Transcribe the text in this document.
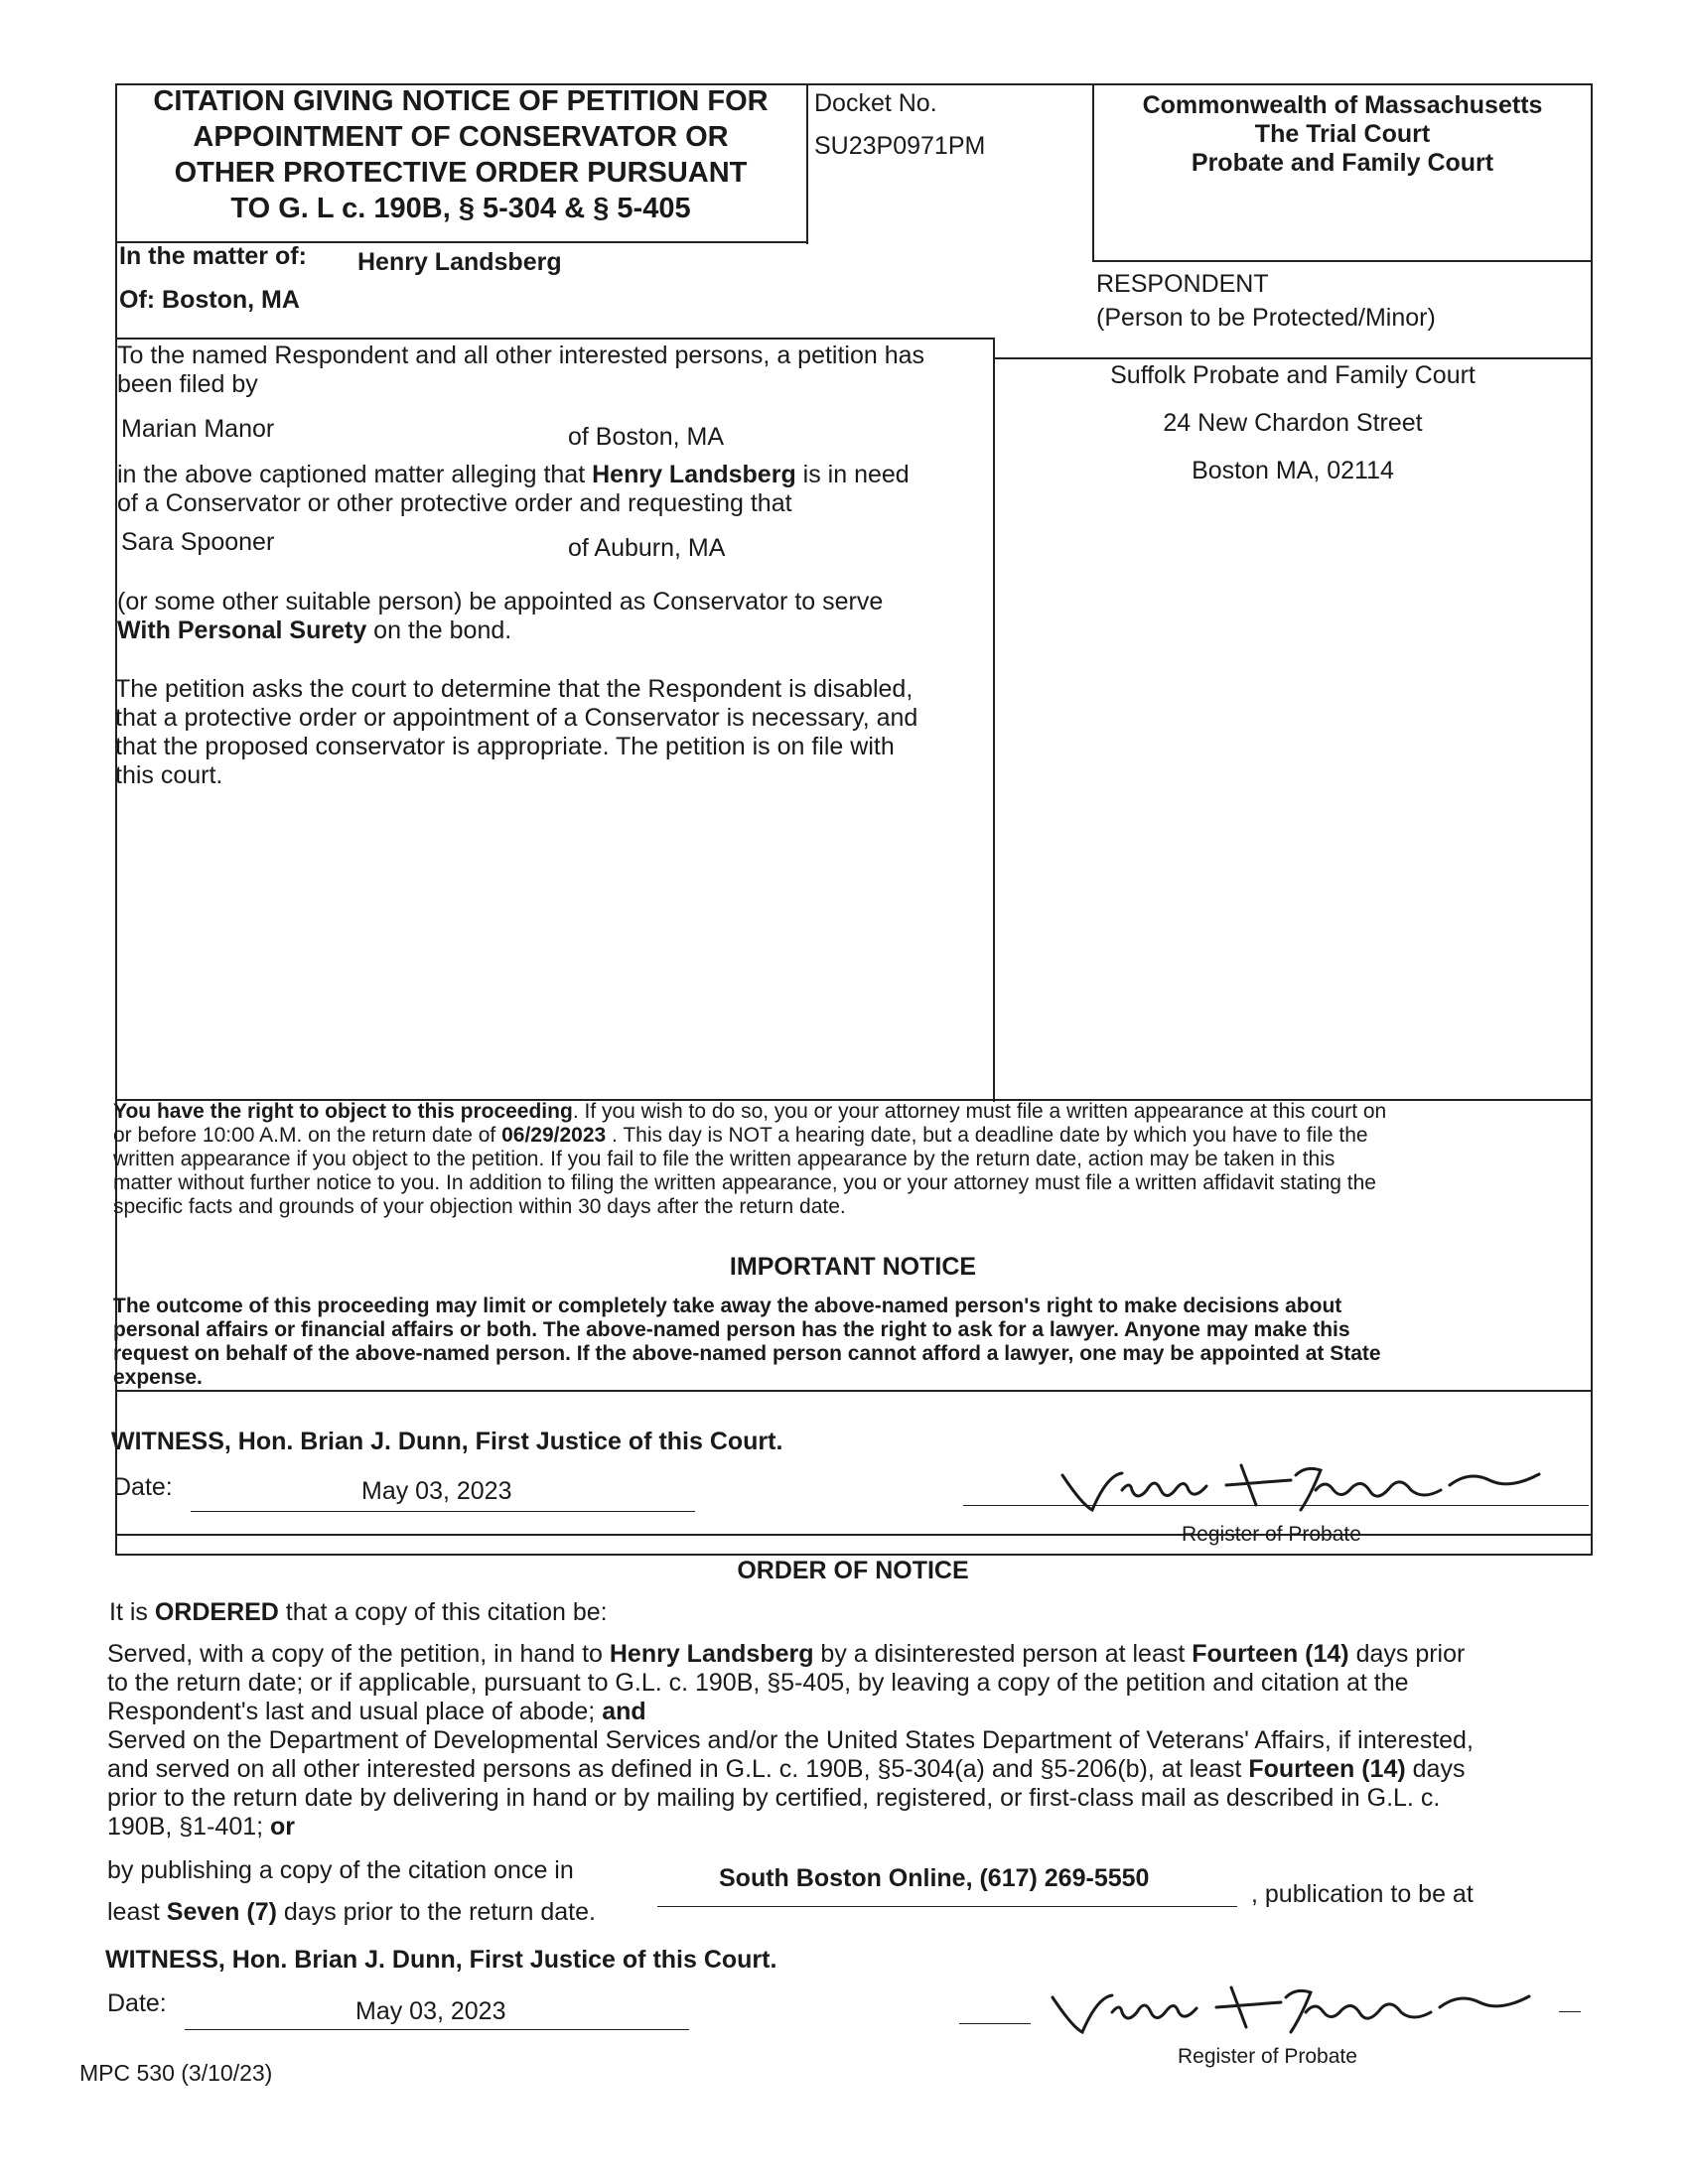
CITATION GIVING NOTICE OF PETITION FOR
APPOINTMENT OF CONSERVATOR OR
OTHER PROTECTIVE ORDER PURSUANT
TO G. L c. 190B, § 5-304 & § 5-405
Docket No.
SU23P0971PM
Commonwealth of Massachusetts
The Trial Court
Probate and Family Court
In the matter of: Henry Landsberg
Of: Boston, MA
RESPONDENT
(Person to be Protected/Minor)
To the named Respondent and all other interested persons, a petition has
been filed by
Marian Manor	of Boston, MA
in the above captioned matter alleging that Henry Landsberg is in need
of a Conservator or other protective order and requesting that
Sara Spooner	of Auburn, MA
(or some other suitable person) be appointed as Conservator to serve
With Personal Surety on the bond.
The petition asks the court to determine that the Respondent is disabled,
that a protective order or appointment of a Conservator is necessary, and
that the proposed conservator is appropriate. The petition is on file with
this court.
Suffolk Probate and Family Court
24 New Chardon Street
Boston MA, 02114
You have the right to object to this proceeding. If you wish to do so, you or your attorney must file a written appearance at this court on
or before 10:00 A.M. on the return date of 06/29/2023 . This day is NOT a hearing date, but a deadline date by which you have to file the
written appearance if you object to the petition. If you fail to file the written appearance by the return date, action may be taken in this
matter without further notice to you. In addition to filing the written appearance, you or your attorney must file a written affidavit stating the
specific facts and grounds of your objection within 30 days after the return date.
IMPORTANT NOTICE
The outcome of this proceeding may limit or completely take away the above-named person's right to make decisions about
personal affairs or financial affairs or both. The above-named person has the right to ask for a lawyer. Anyone may make this
request on behalf of the above-named person. If the above-named person cannot afford a lawyer, one may be appointed at State
expense.
WITNESS, Hon. Brian J. Dunn, First Justice of this Court.
Date:	May 03, 2023
Register of Probate
ORDER OF NOTICE
It is ORDERED that a copy of this citation be:
Served, with a copy of the petition, in hand to Henry Landsberg by a disinterested person at least Fourteen (14) days prior
to the return date; or if applicable, pursuant to G.L. c. 190B, §5-405, by leaving a copy of the petition and citation at the
Respondent's last and usual place of abode; and
Served on the Department of Developmental Services and/or the United States Department of Veterans' Affairs, if interested,
and served on all other interested persons as defined in G.L. c. 190B, §5-304(a) and §5-206(b), at least Fourteen (14) days
prior to the return date by delivering in hand or by mailing by certified, registered, or first-class mail as described in G.L. c.
190B, §1-401; or
by publishing a copy of the citation once in	South Boston Online, (617) 269-5550
, publication to be at
least Seven (7) days prior to the return date.
WITNESS, Hon. Brian J. Dunn, First Justice of this Court.
Date:	May 03, 2023
Register of Probate
MPC 530 (3/10/23)
